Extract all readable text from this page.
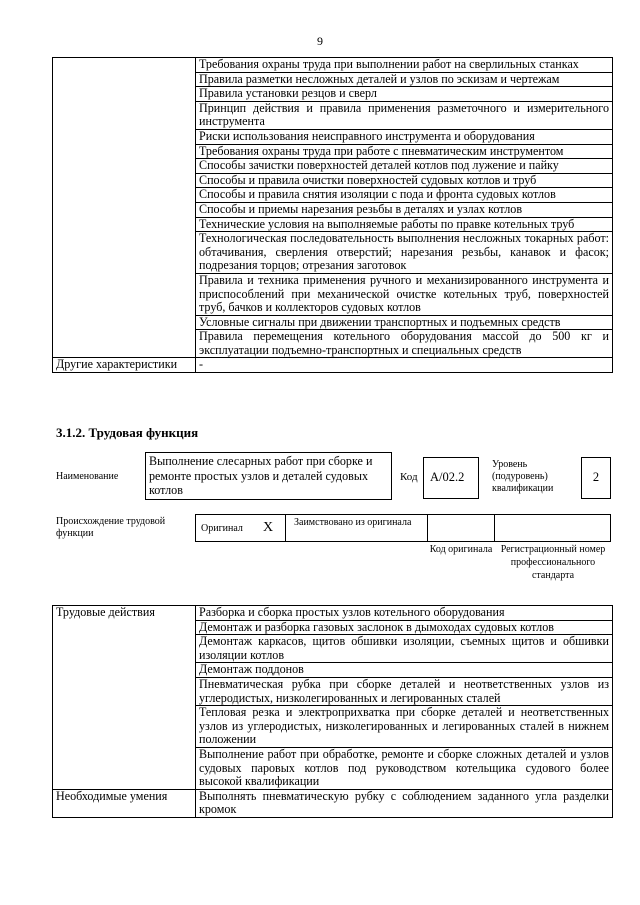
9
	Требования охраны труда при выполнении работ на сверлильных станках
	Правила разметки несложных деталей и узлов по эскизам и чертежам
	Правила установки резцов и сверл
	Принцип действия и правила применения разметочного и измерительного инструмента
	Риски использования неисправного инструмента и оборудования
	Требования охраны труда при работе с пневматическим инструментом
	Способы зачистки поверхностей деталей котлов под лужение и пайку
	Способы и правила очистки поверхностей судовых котлов и труб
	Способы и правила снятия изоляции с пода и фронта судовых котлов
	Способы и приемы нарезания резьбы в деталях и узлах котлов
	Технические условия на выполняемые работы по правке котельных труб
	Технологическая последовательность выполнения несложных токарных работ: обтачивания, сверления отверстий; нарезания резьбы, канавок и фасок; подрезания торцов; отрезания заготовок
	Правила и техника применения ручного и механизированного инструмента и приспособлений при механической очистке котельных труб, поверхностей труб, бачков и коллекторов судовых котлов
	Условные сигналы при движении транспортных и подъемных средств
	Правила перемещения котельного оборудования массой до 500 кг и эксплуатации подъемно-транспортных и специальных средств
Другие характеристики	-
3.1.2. Трудовая функция
Наименование
Выполнение слесарных работ при сборке и ремонте простых узлов и деталей судовых котлов
Код A/02.2
Уровень (подуровень) квалификации
2
Происхождение трудовой функции	Оригинал X Заимствовано из оригинала
Код оригинала Регистрационный номер профессионального стандарта
Трудовые действия	Разборка и сборка простых узлов котельного оборудования
	Демонтаж и разборка газовых заслонок в дымоходах судовых котлов
	Демонтаж каркасов, щитов обшивки изоляции, съемных щитов и обшивки изоляции котлов
	Демонтаж поддонов
	Пневматическая рубка при сборке деталей и неответственных узлов из углеродистых, низколегированных и легированных сталей
	Тепловая резка и электроприхватка при сборке деталей и неответственных узлов из углеродистых, низколегированных и легированных сталей в нижнем положении
	Выполнение работ при обработке, ремонте и сборке сложных деталей и узлов судовых паровых котлов под руководством котельщика судового более высокой квалификации
Необходимые умения	Выполнять пневматическую рубку с соблюдением заданного угла разделки кромок
